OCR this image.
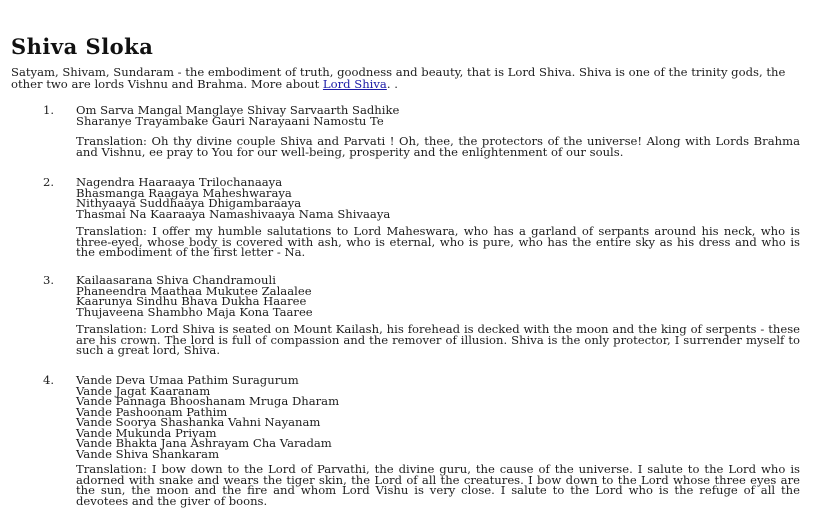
Shiva Sloka

Satyam, Shivam, Sundaram - the embodiment of truth, goodness and beauty, that is Lord Shiva. Shiva is one of the trinity gods, the other two are lords Vishnu and Brahma. More about Lord Shiva. .

1. Om Sarva Mangal Manglaye Shivay Sarvaarth Sadhike
Sharanye Trayambake Gauri Narayaani Namostu Te

Translation: Oh thy divine couple Shiva and Parvati ! Oh, thee, the protectors of the universe! Along with Lords Brahma and Vishnu, ee pray to You for our well-being, prosperity and the enlightenment of our souls.

2. Nagendra Haaraaya Trilochanaaya
Bhasmanga Raagaya Maheshwaraya
Nithyaaya Suddhaaya Dhigambaraaya
Thasmai Na Kaaraaya Namashivaaya Nama Shivaaya

Translation: I offer my humble salutations to Lord Maheswara, who has a garland of serpants around his neck, who is three-eyed, whose body is covered with ash, who is eternal, who is pure, who has the entire sky as his dress and who is the embodiment of the first letter - Na.

3. Kailaasarana Shiva Chandramouli
Phaneendra Maathaa Mukutee Zalaalee
Kaarunya Sindhu Bhava Dukha Haaree
Thujaveena Shambho Maja Kona Taaree

Translation: Lord Shiva is seated on Mount Kailash, his forehead is decked with the moon and the king of serpents - these are his crown. The lord is full of compassion and the remover of illusion. Shiva is the only protector, I surrender myself to such a great lord, Shiva.

4. Vande Deva Umaa Pathim Suragurum
Vande Jagat Kaaranam
Vande Pannaga Bhooshanam Mruga Dharam
Vande Pashoonam Pathim
Vande Soorya Shashanka Vahni Nayanam
Vande Mukunda Priyam
Vande Bhakta Jana Ashrayam Cha Varadam
Vande Shiva Shankaram

Translation: I bow down to the Lord of Parvathi, the divine guru, the cause of the universe. I salute to the Lord who is adorned with snake and wears the tiger skin, the Lord of all the creatures. I bow down to the Lord whose three eyes are the sun, the moon and the fire and whom Lord Vishu is very close. I salute to the Lord who is the refuge of all the devotees and the giver of boons.
